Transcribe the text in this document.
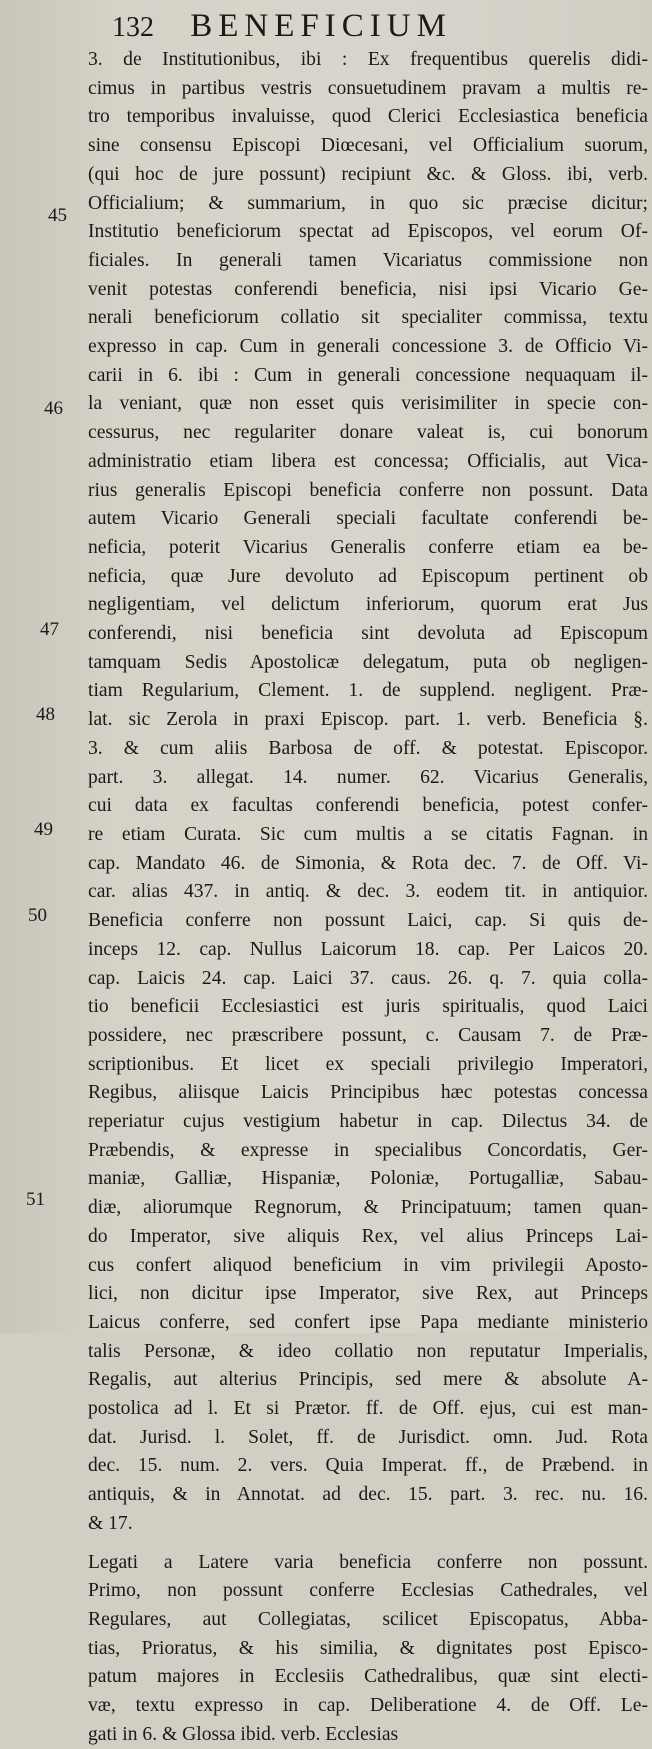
132 BENEFICIUM
45
46
47
48
49
50
51
3. de Institutionibus, ibi : Ex frequentibus querelis didi-
cimus in partibus vestris consuetudinem pravam a multis re-
tro temporibus invaluisse, quod Clerici Ecclesiastica beneficia
sine consensu Episcopi Diœcesani, vel Officialium suorum,
(qui hoc de jure possunt) recipiunt &c. & Gloss. ibi, verb.
Officialium; & summarium, in quo sic præcise dicitur;
Institutio beneficiorum spectat ad Episcopos, vel eorum Of-
ficiales. In generali tamen Vicariatus commissione non
venit potestas conferendi beneficia, nisi ipsi Vicario Ge-
nerali beneficiorum collatio sit specialiter commissa, textu
expresso in cap. Cum in generali concessione 3. de Officio Vi-
carii in 6. ibi : Cum in generali concessione nequaquam il-
la veniant, quæ non esset quis verisimiliter in specie con-
cessurus, nec regulariter donare valeat is, cui bonorum
administratio etiam libera est concessa; Officialis, aut Vica-
rius generalis Episcopi beneficia conferre non possunt. Data
autem Vicario Generali speciali facultate conferendi be-
neficia, poterit Vicarius Generalis conferre etiam ea be-
neficia, quæ Jure devoluto ad Episcopum pertinent ob
negligentiam, vel delictum inferiorum, quorum erat Jus
conferendi, nisi beneficia sint devoluta ad Episcopum
tamquam Sedis Apostolicæ delegatum, puta ob negligen-
tiam Regularium, Clement. 1. de supplend. negligent. Præ-
lat. sic Zerola in praxi Episcop. part. 1. verb. Beneficia §.
3. & cum aliis Barbosa de off. & potestat. Episcopor.
part. 3. allegat. 14. numer. 62. Vicarius Generalis,
cui data ex facultas conferendi beneficia, potest confer-
re etiam Curata. Sic cum multis a se citatis Fagnan. in
cap. Mandato 46. de Simonia, & Rota dec. 7. de Off. Vi-
car. alias 437. in antiq. & dec. 3. eodem tit. in antiquior.
Beneficia conferre non possunt Laici, cap. Si quis de-
inceps 12. cap. Nullus Laicorum 18. cap. Per Laicos 20.
cap. Laicis 24. cap. Laici 37. caus. 26. q. 7. quia colla-
tio beneficii Ecclesiastici est juris spiritualis, quod Laici
possidere, nec præscribere possunt, c. Causam 7. de Præ-
scriptionibus. Et licet ex speciali privilegio Imperatori,
Regibus, aliisque Laicis Principibus hæc potestas concessa
reperiatur cujus vestigium habetur in cap. Dilectus 34. de
Præbendis, & expresse in specialibus Concordatis, Ger-
maniæ, Galliæ, Hispaniæ, Poloniæ, Portugalliæ, Sabau-
diæ, aliorumque Regnorum, & Principatuum; tamen quan-
do Imperator, sive aliquis Rex, vel alius Princeps Lai-
cus confert aliquod beneficium in vim privilegii Aposto-
lici, non dicitur ipse Imperator, sive Rex, aut Princeps
Laicus conferre, sed confert ipse Papa mediante ministerio
talis Personæ, & ideo collatio non reputatur Imperialis,
Regalis, aut alterius Principis, sed mere & absolute A-
postolica ad l. Et si Prætor. ff. de Off. ejus, cui est man-
dat. Jurisd. l. Solet, ff. de Jurisdict. omn. Jud. Rota
dec. 15. num. 2. vers. Quia Imperat. ff., de Præbend. in
antiquis, & in Annotat. ad dec. 15. part. 3. rec. nu. 16.
& 17.
Legati a Latere varia beneficia conferre non possunt.
Primo, non possunt conferre Ecclesias Cathedrales, vel
Regulares, aut Collegiatas, scilicet Episcopatus, Abba-
tias, Prioratus, & his similia, & dignitates post Episco-
patum majores in Ecclesiis Cathedralibus, quæ sint electi-
væ, textu expresso in cap. Deliberatione 4. de Off. Le-
gati in 6. & Glossa ibid. verb. Ecclesias
